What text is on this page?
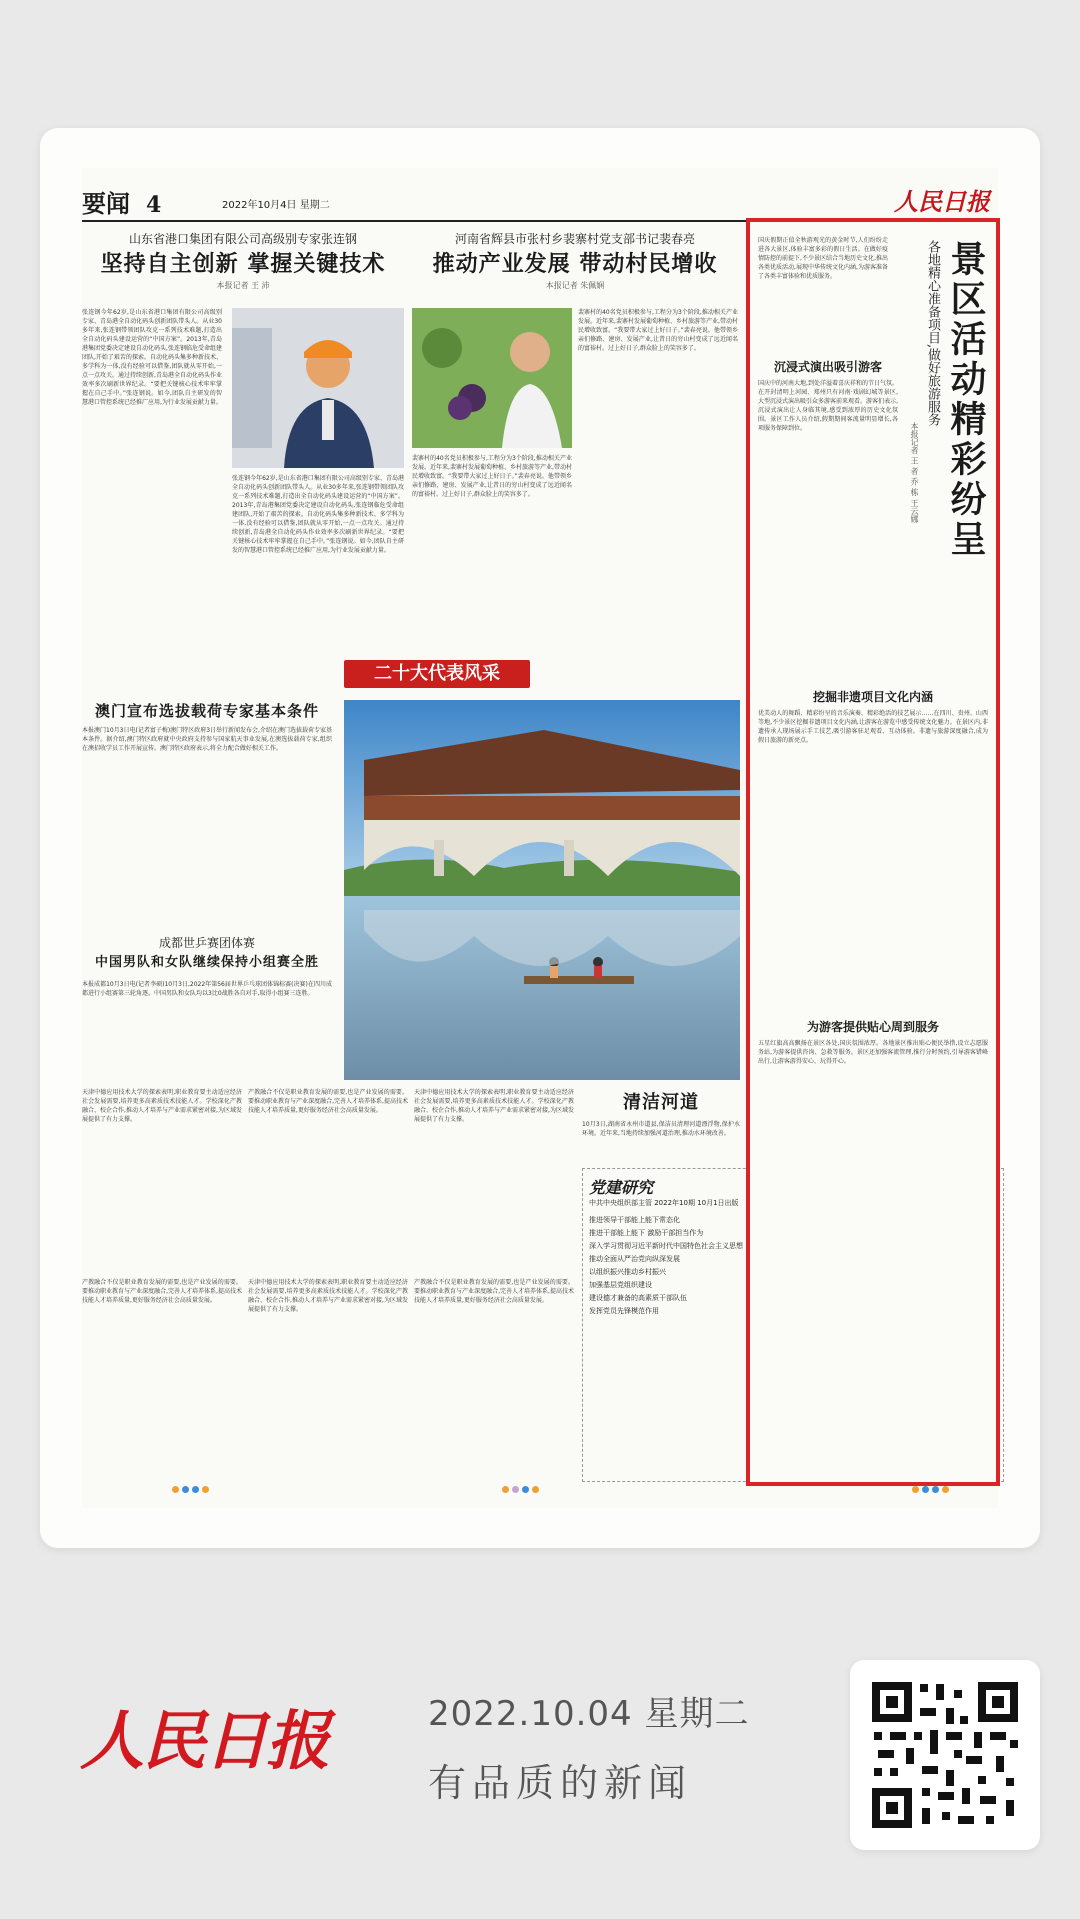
要闻 4	2022年10月4日 星期二	人民日报
山东省港口集团有限公司高级别专家张连钢
坚持自主创新 掌握关键技术
本报记者 王 沛
张连钢今年62岁,是山东省港口集团有限公司高级别专家、青岛港全自动化码头创新团队带头人。从业30多年来,张连钢带领团队攻克一系列技术难题,打造出全自动化码头建设运营的“中国方案”。2013年,青岛港集团党委决定建设自动化码头,张连钢临危受命组建团队,开始了艰苦的探索。自动化码头集多种新技术、多学科为一体,没有经验可以借鉴,团队就从零开始,一点一点攻关。通过持续创新,青岛港全自动化码头作业效率多次刷新世界纪录。“要把关键核心技术牢牢掌握在自己手中。”张连钢说。如今,团队自主研发的智慧港口管控系统已经推广应用,为行业发展贡献力量。
张连钢今年62岁,是山东省港口集团有限公司高级别专家、青岛港全自动化码头创新团队带头人。从业30多年来,张连钢带领团队攻克一系列技术难题,打造出全自动化码头建设运营的“中国方案”。2013年,青岛港集团党委决定建设自动化码头,张连钢临危受命组建团队,开始了艰苦的探索。自动化码头集多种新技术、多学科为一体,没有经验可以借鉴,团队就从零开始,一点一点攻关。通过持续创新,青岛港全自动化码头作业效率多次刷新世界纪录。“要把关键核心技术牢牢掌握在自己手中。”张连钢说。如今,团队自主研发的智慧港口管控系统已经推广应用,为行业发展贡献力量。
河南省辉县市张村乡裴寨村党支部书记裴春亮
推动产业发展 带动村民增收
本报记者 朱佩娴
裴寨村的40名党员积极参与,工程分为3个阶段,推动相关产业发展。近年来,裴寨村发展葡萄种植、乡村旅游等产业,带动村民增收致富。“我要带大家过上好日子。”裴春亮说。他带领乡亲们修路、建房、发展产业,让昔日的穷山村变成了远近闻名的富裕村。过上好日子,群众脸上的笑容多了。
裴寨村的40名党员积极参与,工程分为3个阶段,推动相关产业发展。近年来,裴寨村发展葡萄种植、乡村旅游等产业,带动村民增收致富。“我要带大家过上好日子。”裴春亮说。他带领乡亲们修路、建房、发展产业,让昔日的穷山村变成了远近闻名的富裕村。过上好日子,群众脸上的笑容多了。
二十大代表风采
澳门宣布选拔载荷专家基本条件
本报澳门10月3日电(记者富子梅)澳门特区政府3日举行新闻发布会,介绍在澳门选拔载荷专家基本条件。据介绍,澳门特区政府就中央政府支持参与国家航天事业发展,在澳选拔载荷专家,组织在澳招收学员工作开展宣传。澳门特区政府表示,将全力配合做好相关工作。
成都世乒赛团体赛
中国男队和女队继续保持小组赛全胜
本报成都10月3日电(记者李硕)10月3日,2022年第56届世界乒乓球团体锦标赛(决赛)在四川成都进行小组赛第三轮角逐。中国男队和女队均以3比0战胜各自对手,取得小组赛三连胜。
清洁河道
10月3日,湖南省永州市道县,保洁员清理河道漂浮物,保护水环境。近年来,当地持续加强河道治理,推动水环境改善。
天津中德应用技术大学的探索表明,职业教育要主动适应经济社会发展需要,培养更多高素质技术技能人才。学校深化产教融合、校企合作,推动人才培养与产业需求紧密对接,为区域发展提供了有力支撑。
产教融合不仅是职业教育发展的需要,也是产业发展的需要。要推动职业教育与产业深度融合,完善人才培养体系,提高技术技能人才培养质量,更好服务经济社会高质量发展。
天津中德应用技术大学的探索表明,职业教育要主动适应经济社会发展需要,培养更多高素质技术技能人才。学校深化产教融合、校企合作,推动人才培养与产业需求紧密对接,为区域发展提供了有力支撑。
产教融合不仅是职业教育发展的需要,也是产业发展的需要。要推动职业教育与产业深度融合,完善人才培养体系,提高技术技能人才培养质量,更好服务经济社会高质量发展。
天津中德应用技术大学的探索表明,职业教育要主动适应经济社会发展需要,培养更多高素质技术技能人才。学校深化产教融合、校企合作,推动人才培养与产业需求紧密对接,为区域发展提供了有力支撑。
产教融合不仅是职业教育发展的需要,也是产业发展的需要。要推动职业教育与产业深度融合,完善人才培养体系,提高技术技能人才培养质量,更好服务经济社会高质量发展。
党建研究
中共中央组织部主管 2022年10期 10月1日出版
推进领导干部能上能下常态化
推进干部能上能下 激励干部担当作为
深入学习贯彻习近平新时代中国特色社会主义思想
推动全面从严治党向纵深发展
以组织振兴推动乡村振兴
加强基层党组织建设
建设德才兼备的高素质干部队伍
发挥党员先锋模范作用
各地精心准备项目,做好旅游服务 景区活动精彩纷呈
本报记者 王 者 乔 栋 王云娜
国庆假期正值全秋游观光的黄金时节,人们纷纷走进各大景区,体验丰富多彩的假日生活。在做好疫情防控的前提下,不少景区结合当地历史文化,推出各类优质活动,展现中华传统文化内涵,为游客准备了各类丰富体验和优质服务。
沉浸式演出吸引游客
国庆中的河南大地,到处洋溢着喜庆祥和的节日气氛。在开封清明上河园、郑州只有河南·戏剧幻城等景区,大型沉浸式演出吸引众多游客前来观看。游客们表示,沉浸式演出让人身临其境,感受到浓厚的历史文化氛围。景区工作人员介绍,假期期间客流量明显增长,各项服务保障到位。
挖掘非遗项目文化内涵
优美动人的舞蹈、精彩纷呈的音乐演奏、精彩绝活的技艺展示……在四川、贵州、山西等地,不少景区挖掘非遗项目文化内涵,让游客在游览中感受传统文化魅力。在景区内,非遗传承人现场展示手工技艺,吸引游客驻足观看、互动体验。非遗与旅游深度融合,成为假日旅游的新亮点。
为游客提供贴心周到服务
五星红旗高高飘扬在景区各处,国庆氛围浓厚。各地景区推出贴心便民举措,设立志愿服务站,为游客提供咨询、急救等服务。景区还加强客流管理,推行分时预约,引导游客错峰出行,让游客游得安心、玩得开心。
人民日报	2022.10.04 星期二
有品质的新闻
